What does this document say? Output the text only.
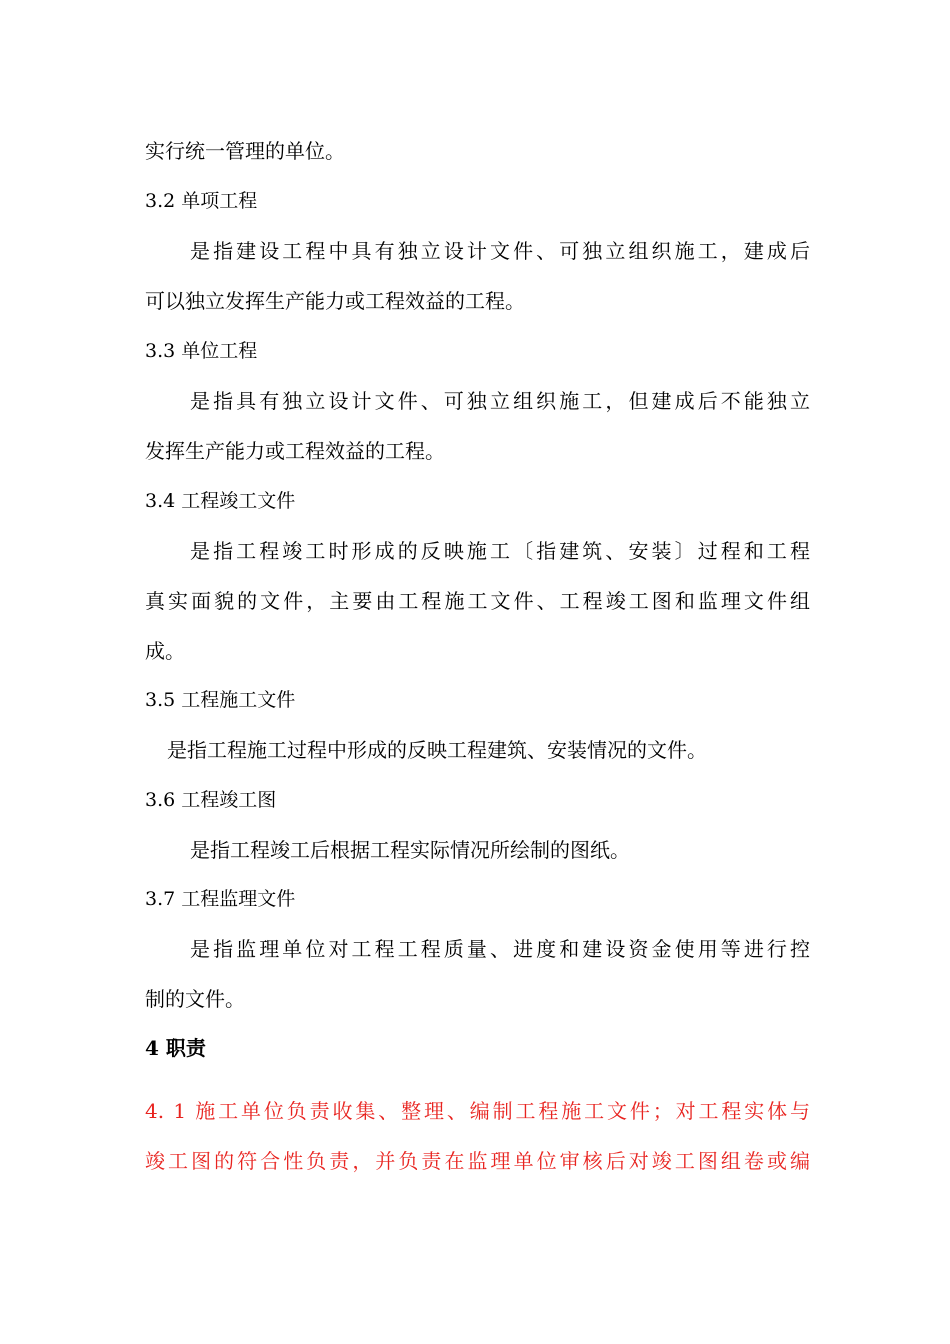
实行统一管理的单位。
3.2 单项工程
是指建设工程中具有独立设计文件、可独立组织施工，建成后
可以独立发挥生产能力或工程效益的工程。
3.3 单位工程
是指具有独立设计文件、可独立组织施工，但建成后不能独立
发挥生产能力或工程效益的工程。
3.4 工程竣工文件
是指工程竣工时形成的反映施工〔指建筑、安装〕过程和工程
真实面貌的文件，主要由工程施工文件、工程竣工图和监理文件组
成。
3.5 工程施工文件
是指工程施工过程中形成的反映工程建筑、安装情况的文件。
3.6 工程竣工图
是指工程竣工后根据工程实际情况所绘制的图纸。
3.7 工程监理文件
是指监理单位对工程工程质量、进度和建设资金使用等进行控
制的文件。
4 职责
4. 1 施工单位负责收集、整理、编制工程施工文件；对工程实体与
竣工图的符合性负责，并负责在监理单位审核后对竣工图组卷或编
